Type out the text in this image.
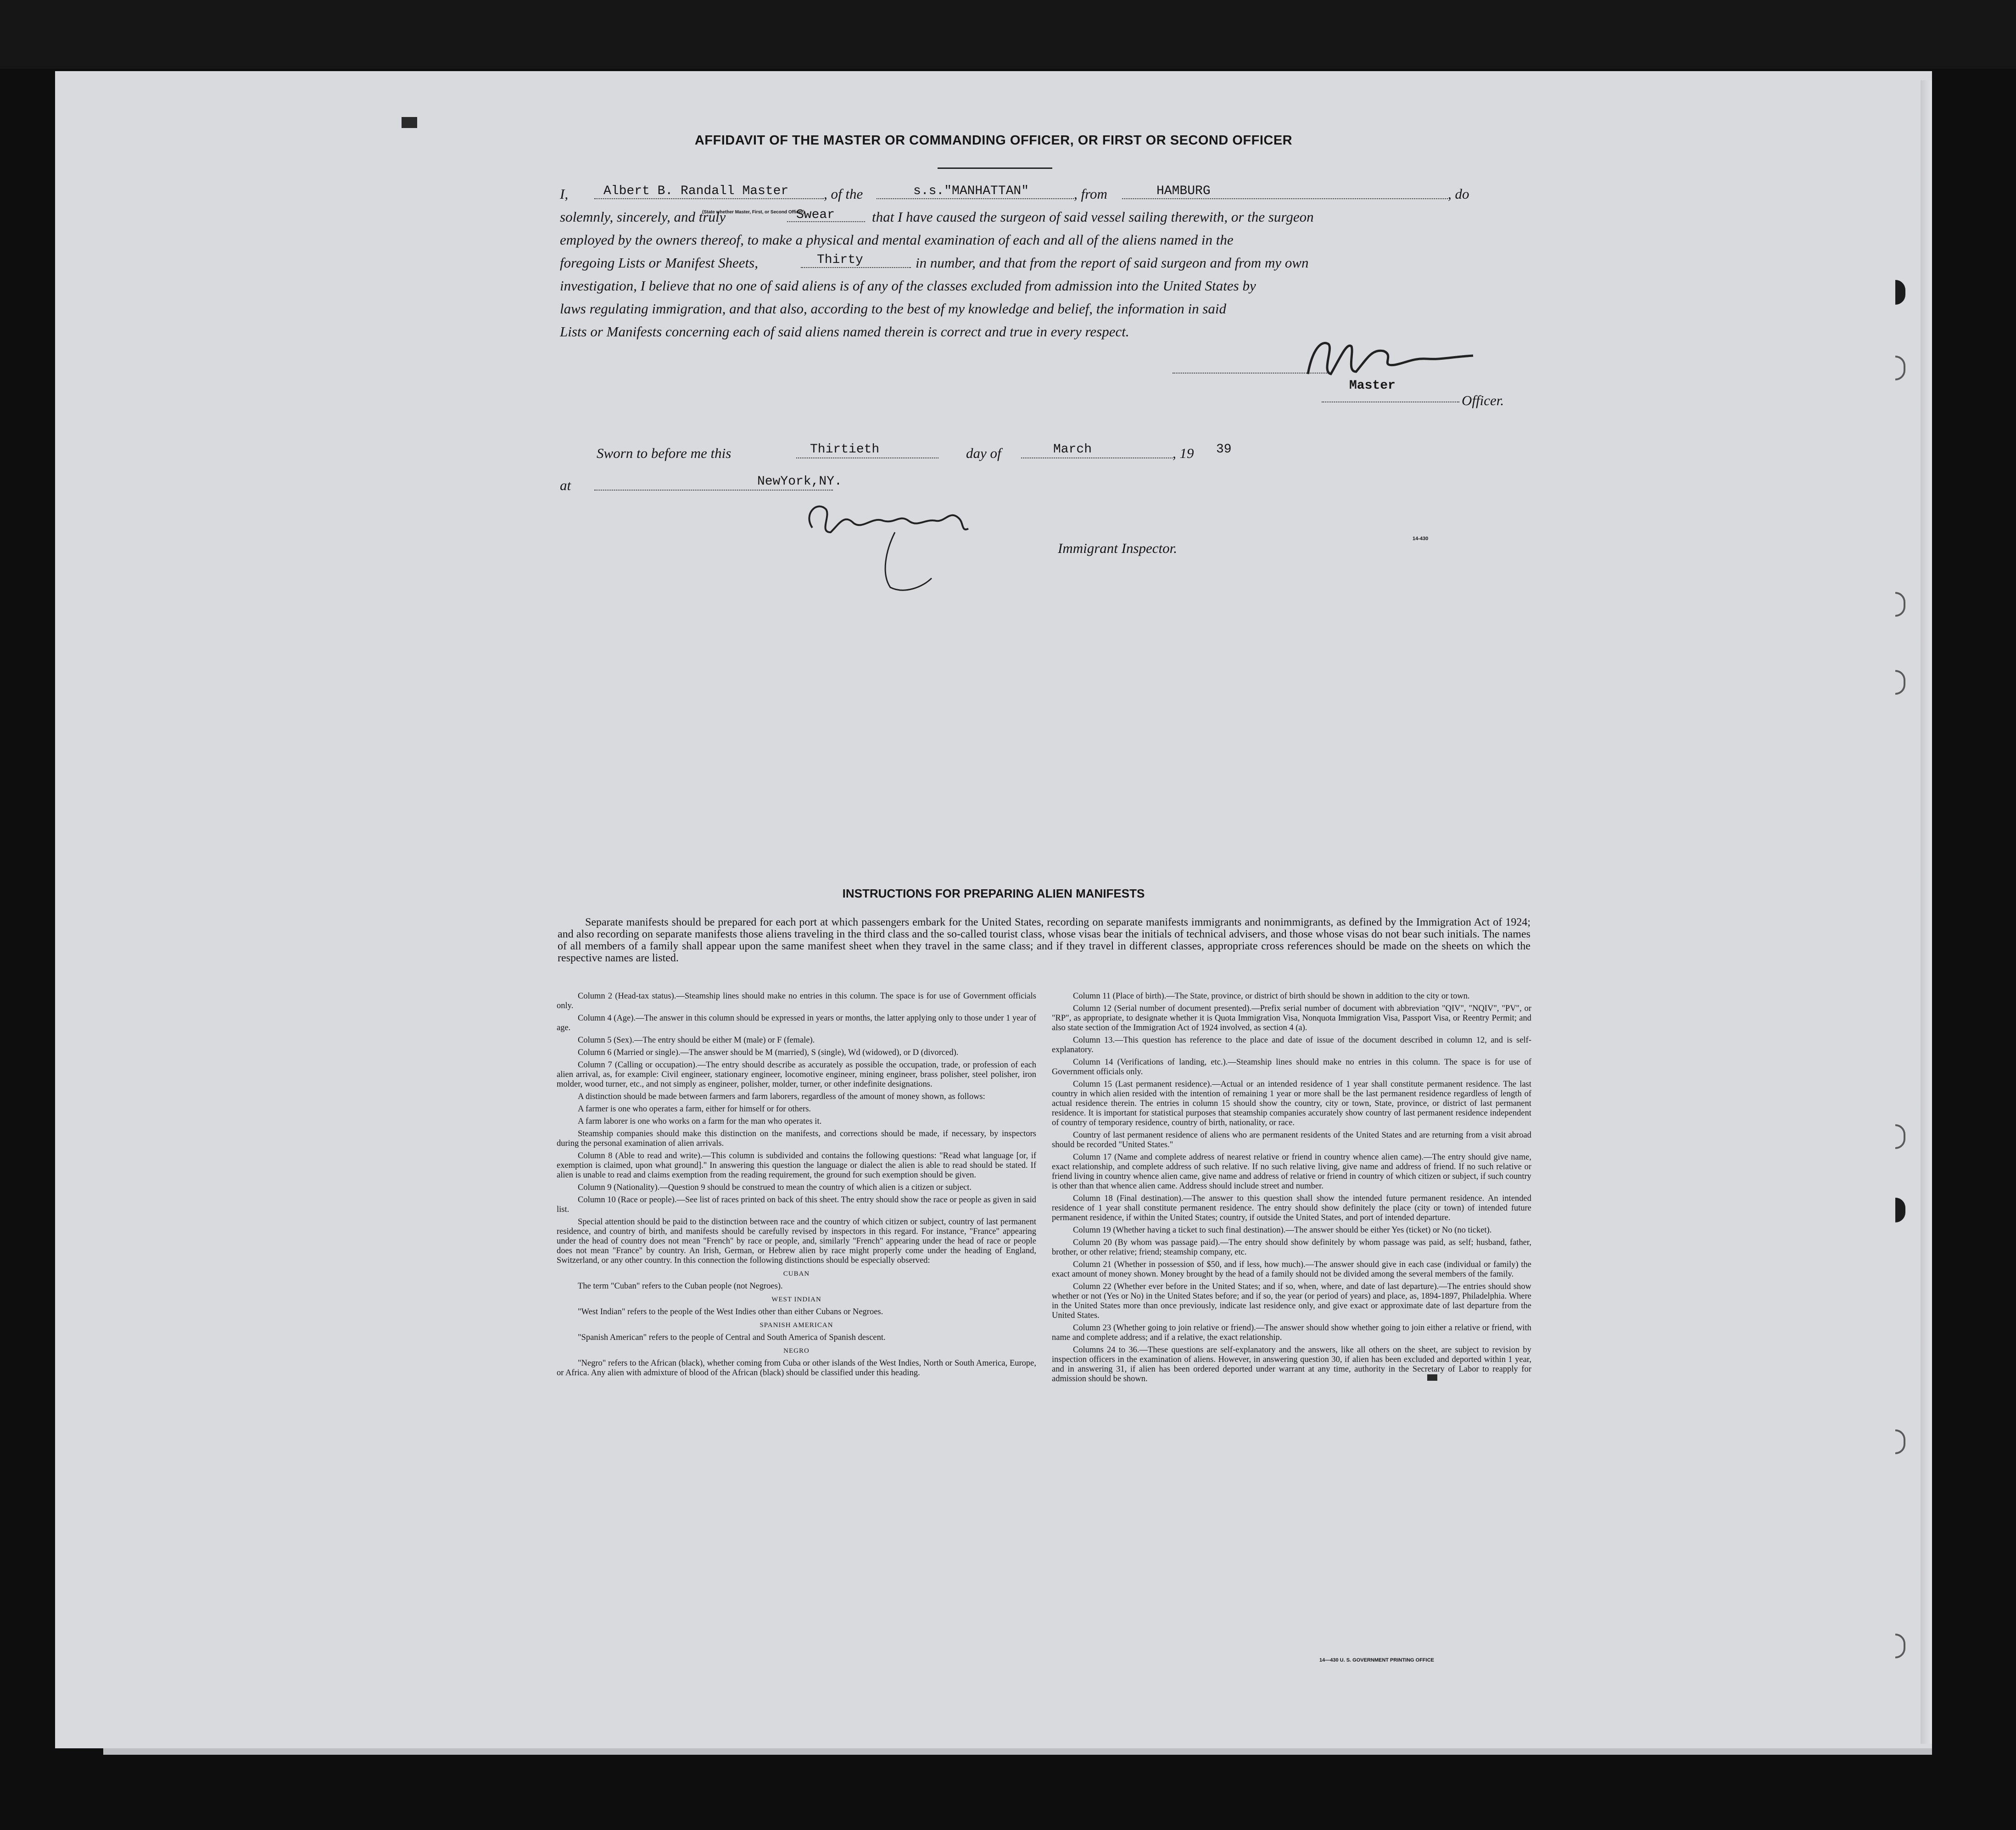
AFFIDAVIT OF THE MASTER OR COMMANDING OFFICER, OR FIRST OR SECOND OFFICER
I,	Albert B. Randall Master , of the	s.s."MANHATTAN"	, from	HAMBURG	, do
(State whether Master, First, or Second Officer)
solemnly, sincerely, and truly	Swear	that I have caused the surgeon of said vessel sailing therewith, or the surgeon
employed by the owners thereof, to make a physical and mental examination of each and all of the aliens named in the
foregoing Lists or Manifest Sheets,	Thirty	in number, and that from the report of said surgeon and from my own
investigation, I believe that no one of said aliens is of any of the classes excluded from admission into the United States by
laws regulating immigration, and that also, according to the best of my knowledge and belief, the information in said
Lists or Manifests concerning each of said aliens named therein is correct and true in every respect.
Master
Officer.
Sworn to before me this	Thirtieth	day of	March	, 19 39
at	NewYork,NY.
Immigrant Inspector.
14-430
INSTRUCTIONS FOR PREPARING ALIEN MANIFESTS
Separate manifests should be prepared for each port at which passengers embark for the United States, recording on separate manifests immigrants and nonimmigrants, as defined by the Immigration Act of 1924; and also recording on separate manifests those aliens traveling in the third class and the so-called tourist class, whose visas bear the initials of technical advisers, and those whose visas do not bear such initials. The names of all members of a family shall appear upon the same manifest sheet when they travel in the same class; and if they travel in different classes, appropriate cross references should be made on the sheets on which the respective names are listed.

Column 2 (Head-tax status).—Steamship lines should make no entries in this column. The space is for use of Government officials only.

Column 4 (Age).—The answer in this column should be expressed in years or months, the latter applying only to those under 1 year of age.

Column 5 (Sex).—The entry should be either M (male) or F (female).

Column 6 (Married or single).—The answer should be M (married), S (single), Wd (widowed), or D (divorced).

Column 7 (Calling or occupation).—The entry should describe as accurately as possible the occupation, trade, or profession of each alien arrival, as, for example: Civil engineer, stationary engineer, locomotive engineer, mining engineer, brass polisher, steel polisher, iron molder, wood turner, etc., and not simply as engineer, polisher, molder, turner, or other indefinite designations.

A distinction should be made between farmers and farm laborers, regardless of the amount of money shown, as follows:

A farmer is one who operates a farm, either for himself or for others.

A farm laborer is one who works on a farm for the man who operates it.

Steamship companies should make this distinction on the manifests, and corrections should be made, if necessary, by inspectors during the personal examination of alien arrivals.

Column 8 (Able to read and write).—This column is subdivided and contains the following questions: "Read what language [or, if exemption is claimed, upon what ground]." In answering this question the language or dialect the alien is able to read should be stated. If alien is unable to read and claims exemption from the reading requirement, the ground for such exemption should be given.

Column 9 (Nationality).—Question 9 should be construed to mean the country of which alien is a citizen or subject.

Column 10 (Race or people).—See list of races printed on back of this sheet. The entry should show the race or people as given in said list.

Special attention should be paid to the distinction between race and the country of which citizen or subject, country of last permanent residence, and country of birth, and manifests should be carefully revised by inspectors in this regard. For instance, "France" appearing under the head of country does not mean "French" by race or people, and, similarly "French" appearing under the head of race or people does not mean "France" by country. An Irish, German, or Hebrew alien by race might properly come under the heading of England, Switzerland, or any other country. In this connection the following distinctions should be especially observed:

CUBAN

The term "Cuban" refers to the Cuban people (not Negroes).

WEST INDIAN

"West Indian" refers to the people of the West Indies other than either Cubans or Negroes.

SPANISH AMERICAN

"Spanish American" refers to the people of Central and South America of Spanish descent.

NEGRO

"Negro" refers to the African (black), whether coming from Cuba or other islands of the West Indies, North or South America, Europe, or Africa. Any alien with admixture of blood of the African (black) should be classified under this heading.

Column 11 (Place of birth).—The State, province, or district of birth should be shown in addition to the city or town.

Column 12 (Serial number of document presented).—Prefix serial number of document with abbreviation "QIV", "NQIV", "PV", or "RP", as appropriate, to designate whether it is Quota Immigration Visa, Nonquota Immigration Visa, Passport Visa, or Reentry Permit; and also state section of the Immigration Act of 1924 involved, as section 4 (a).

Column 13.—This question has reference to the place and date of issue of the document described in column 12, and is self-explanatory.

Column 14 (Verifications of landing, etc.).—Steamship lines should make no entries in this column. The space is for use of Government officials only.

Column 15 (Last permanent residence).—Actual or an intended residence of 1 year shall constitute permanent residence. The last country in which alien resided with the intention of remaining 1 year or more shall be the last permanent residence regardless of length of actual residence therein. The entries in column 15 should show the country, city or town, State, province, or district of last permanent residence. It is important for statistical purposes that steamship companies accurately show country of last permanent residence independent of country of temporary residence, country of birth, nationality, or race.

Country of last permanent residence of aliens who are permanent residents of the United States and are returning from a visit abroad should be recorded "United States."

Column 17 (Name and complete address of nearest relative or friend in country whence alien came).—The entry should give name, exact relationship, and complete address of such relative. If no such relative living, give name and address of friend. If no such relative or friend living in country whence alien came, give name and address of relative or friend in country of which citizen or subject, if such country is other than that whence alien came. Address should include street and number.

Column 18 (Final destination).—The answer to this question shall show the intended future permanent residence. An intended residence of 1 year shall constitute permanent residence. The entry should show definitely the place (city or town) of intended future permanent residence, if within the United States; country, if outside the United States, and port of intended departure.

Column 19 (Whether having a ticket to such final destination).—The answer should be either Yes (ticket) or No (no ticket).

Column 20 (By whom was passage paid).—The entry should show definitely by whom passage was paid, as self; husband, father, brother, or other relative; friend; steamship company, etc.

Column 21 (Whether in possession of $50, and if less, how much).—The answer should give in each case (individual or family) the exact amount of money shown. Money brought by the head of a family should not be divided among the several members of the family.

Column 22 (Whether ever before in the United States; and if so, when, where, and date of last departure).—The entries should show whether or not (Yes or No) in the United States before; and if so, the year (or period of years) and place, as, 1894-1897, Philadelphia. Where in the United States more than once previously, indicate last residence only, and give exact or approximate date of last departure from the United States.

Column 23 (Whether going to join relative or friend).—The answer should show whether going to join either a relative or friend, with name and complete address; and if a relative, the exact relationship.

Columns 24 to 36.—These questions are self-explanatory and the answers, like all others on the sheet, are subject to revision by inspection officers in the examination of aliens. However, in answering question 30, if alien has been excluded and deported within 1 year, and in answering 31, if alien has been ordered deported under warrant at any time, authority in the Secretary of Labor to reapply for admission should be shown.

14—430 U. S. GOVERNMENT PRINTING OFFICE
